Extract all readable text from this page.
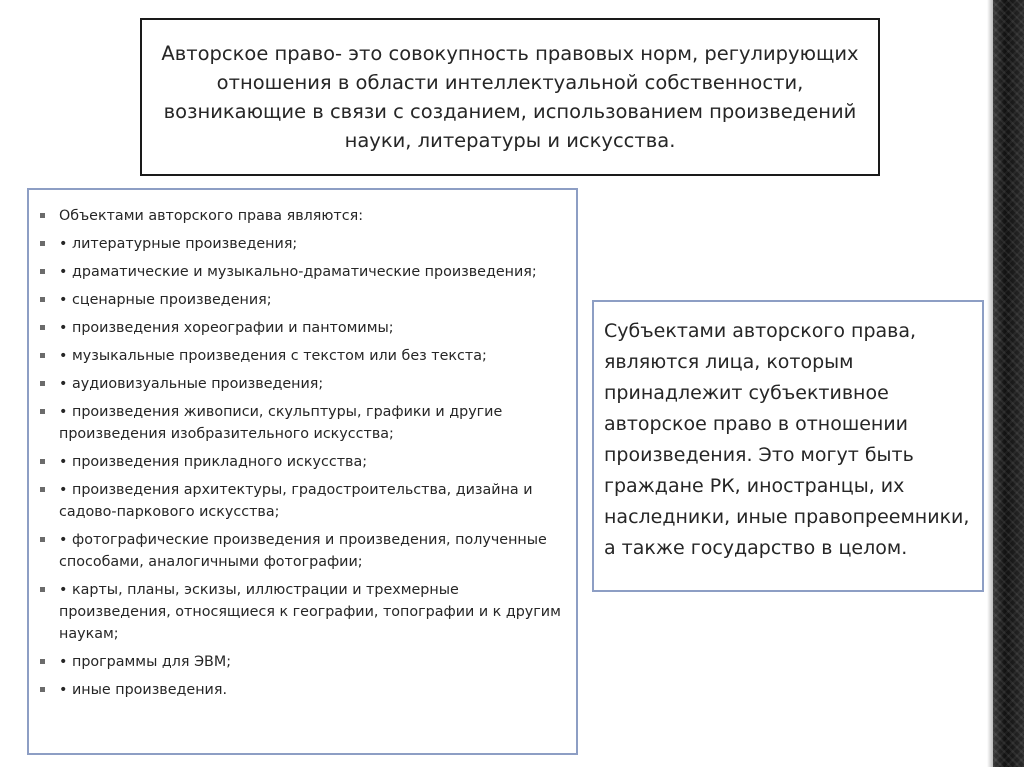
Авторское право- это совокупность правовых норм, регулирующих отношения в области интеллектуальной собственности, возникающие в связи с созданием, использованием произведений науки, литературы и искусства.

Объектами авторского права являются:
• литературные произведения;
• драматические и музыкально-драматические произведения;
• сценарные произведения;
• произведения хореографии и пантомимы;
• музыкальные произведения с текстом или без текста;
• аудиовизуальные произведения;
• произведения живописи, скульптуры, графики и другие произведения изобразительного искусства;
• произведения прикладного искусства;
• произведения архитектуры, градостроительства, дизайна и садово-паркового искусства;
• фотографические произведения и произведения, полученные способами, аналогичными фотографии;
• карты, планы, эскизы, иллюстрации и трехмерные произведения, относящиеся к географии, топографии и к другим наукам;
• программы для ЭВМ;
• иные произведения.

Субъектами авторского права, являются лица, которым принадлежит субъективное авторское право в отношении произведения. Это могут быть граждане РК, иностранцы, их наследники, иные правопреемники, а также государство в целом.
